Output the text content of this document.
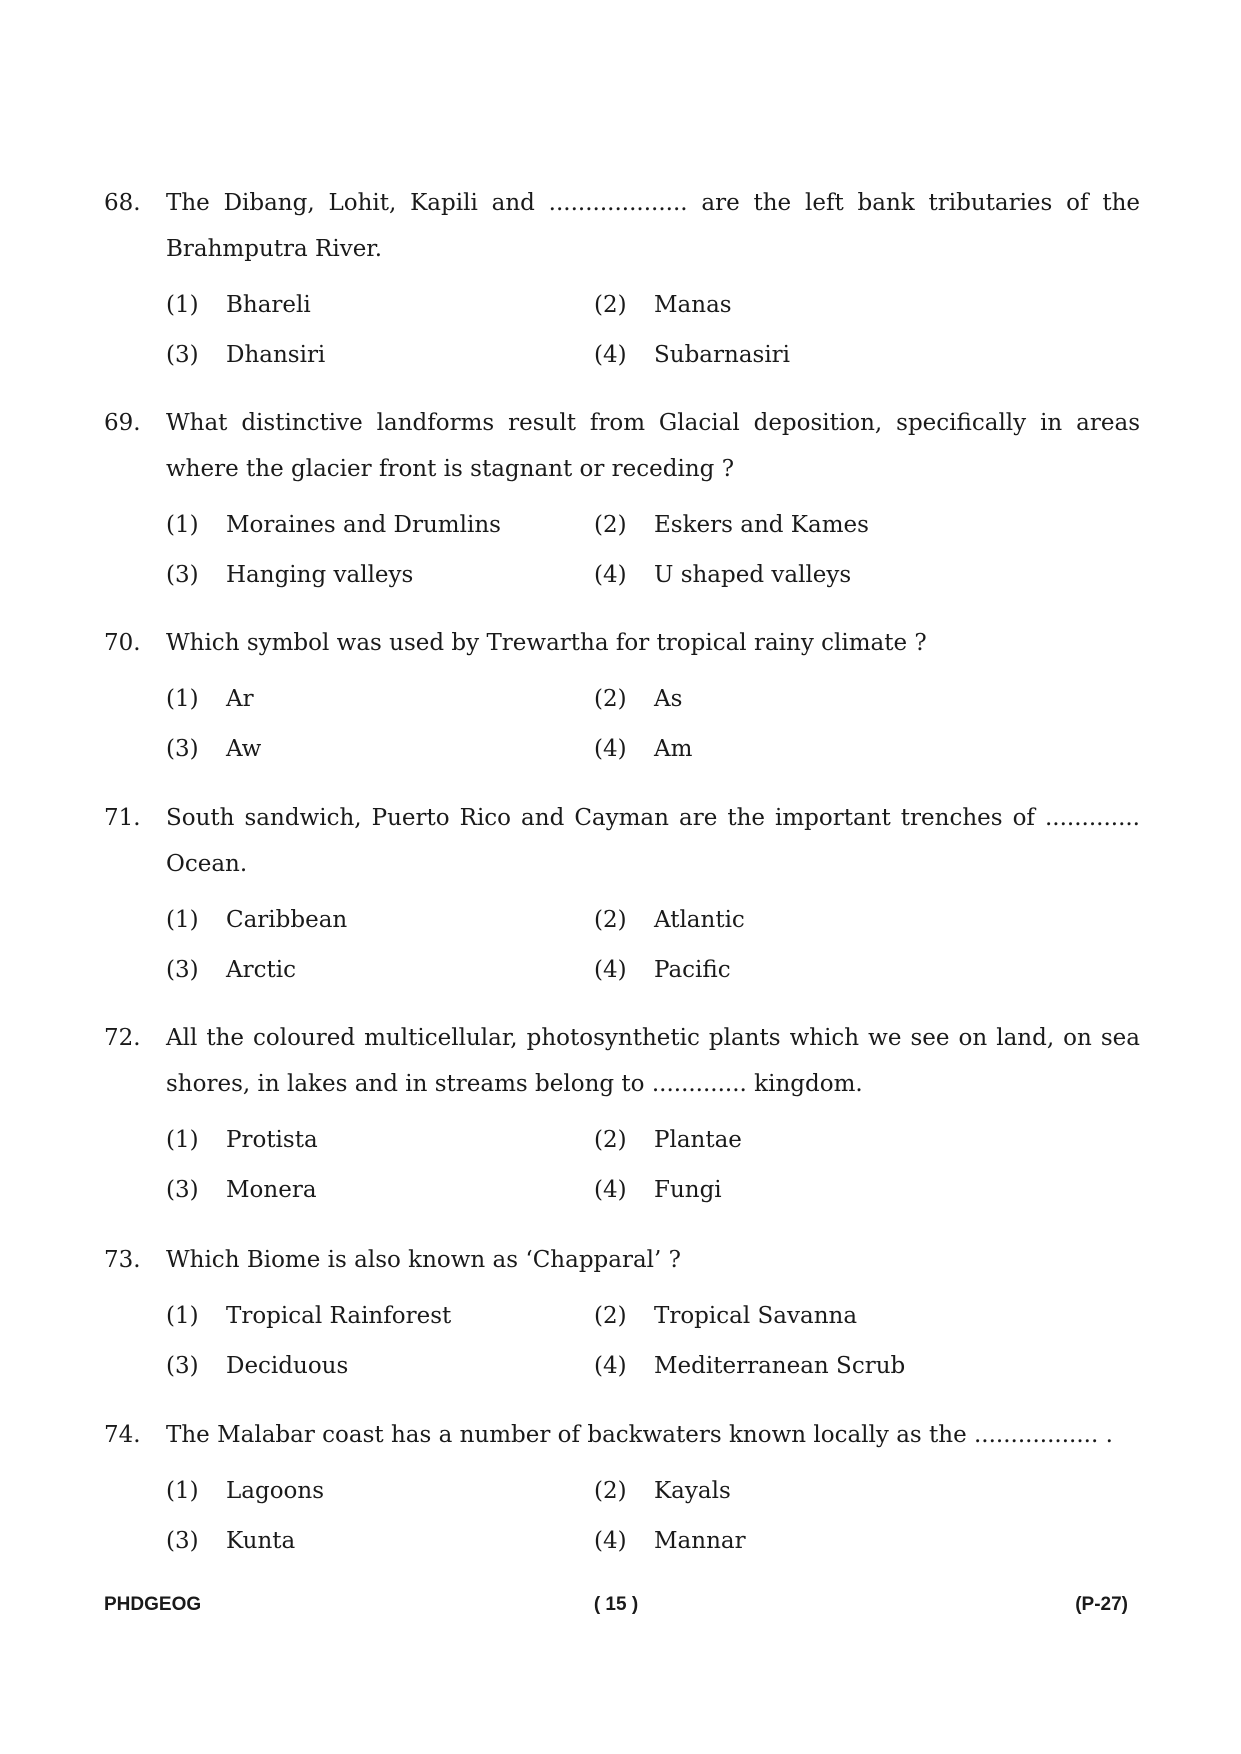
68.	The Dibang, Lohit, Kapili and ................... are the left bank tributaries of the Brahmputra River.
(1)	Bhareli	(2)	Manas
(3)	Dhansiri	(4)	Subarnasiri
69.	What distinctive landforms result from Glacial deposition, specifically in areas where the glacier front is stagnant or receding ?
(1)	Moraines and Drumlins	(2)	Eskers and Kames
(3)	Hanging valleys	(4)	U shaped valleys
70.	Which symbol was used by Trewartha for tropical rainy climate ?
(1)	Ar	(2)	As
(3)	Aw	(4)	Am
71.	South sandwich, Puerto Rico and Cayman are the important trenches of ............. Ocean.
(1)	Caribbean	(2)	Atlantic
(3)	Arctic	(4)	Pacific
72.	All the coloured multicellular, photosynthetic plants which we see on land, on sea shores, in lakes and in streams belong to ............. kingdom.
(1)	Protista	(2)	Plantae
(3)	Monera	(4)	Fungi
73.	Which Biome is also known as ‘Chapparal’ ?
(1)	Tropical Rainforest	(2)	Tropical Savanna
(3)	Deciduous	(4)	Mediterranean Scrub
74.	The Malabar coast has a number of backwaters known locally as the ................. .
(1)	Lagoons	(2)	Kayals
(3)	Kunta	(4)	Mannar
PHDGEOG	( 15 )	(P-27)
